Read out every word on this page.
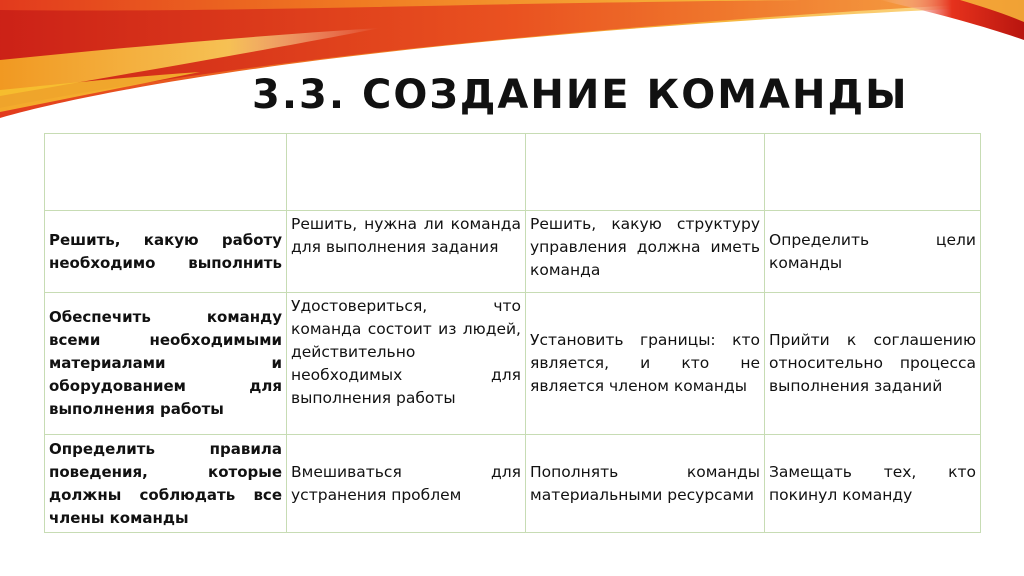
3.3. СОЗДАНИЕ КОМАНДЫ

Решить, какую работу необходимо выполнить	Решить, нужна ли команда для выполнения задания	Решить, какую структуру управления должна иметь команда	Определить цели команды
Обеспечить команду всеми необходимыми материалами и оборудованием для выполнения работы	Удостовериться, что команда состоит из людей, действительно необходимых для выполнения работы	Установить границы: кто является, и кто не является членом команды	Прийти к соглашению относительно процесса выполнения заданий
Определить правила поведения, которые должны соблюдать все члены команды	Вмешиваться для устранения проблем	Пополнять команды материальными ресурсами	Замещать тех, кто покинул команду
